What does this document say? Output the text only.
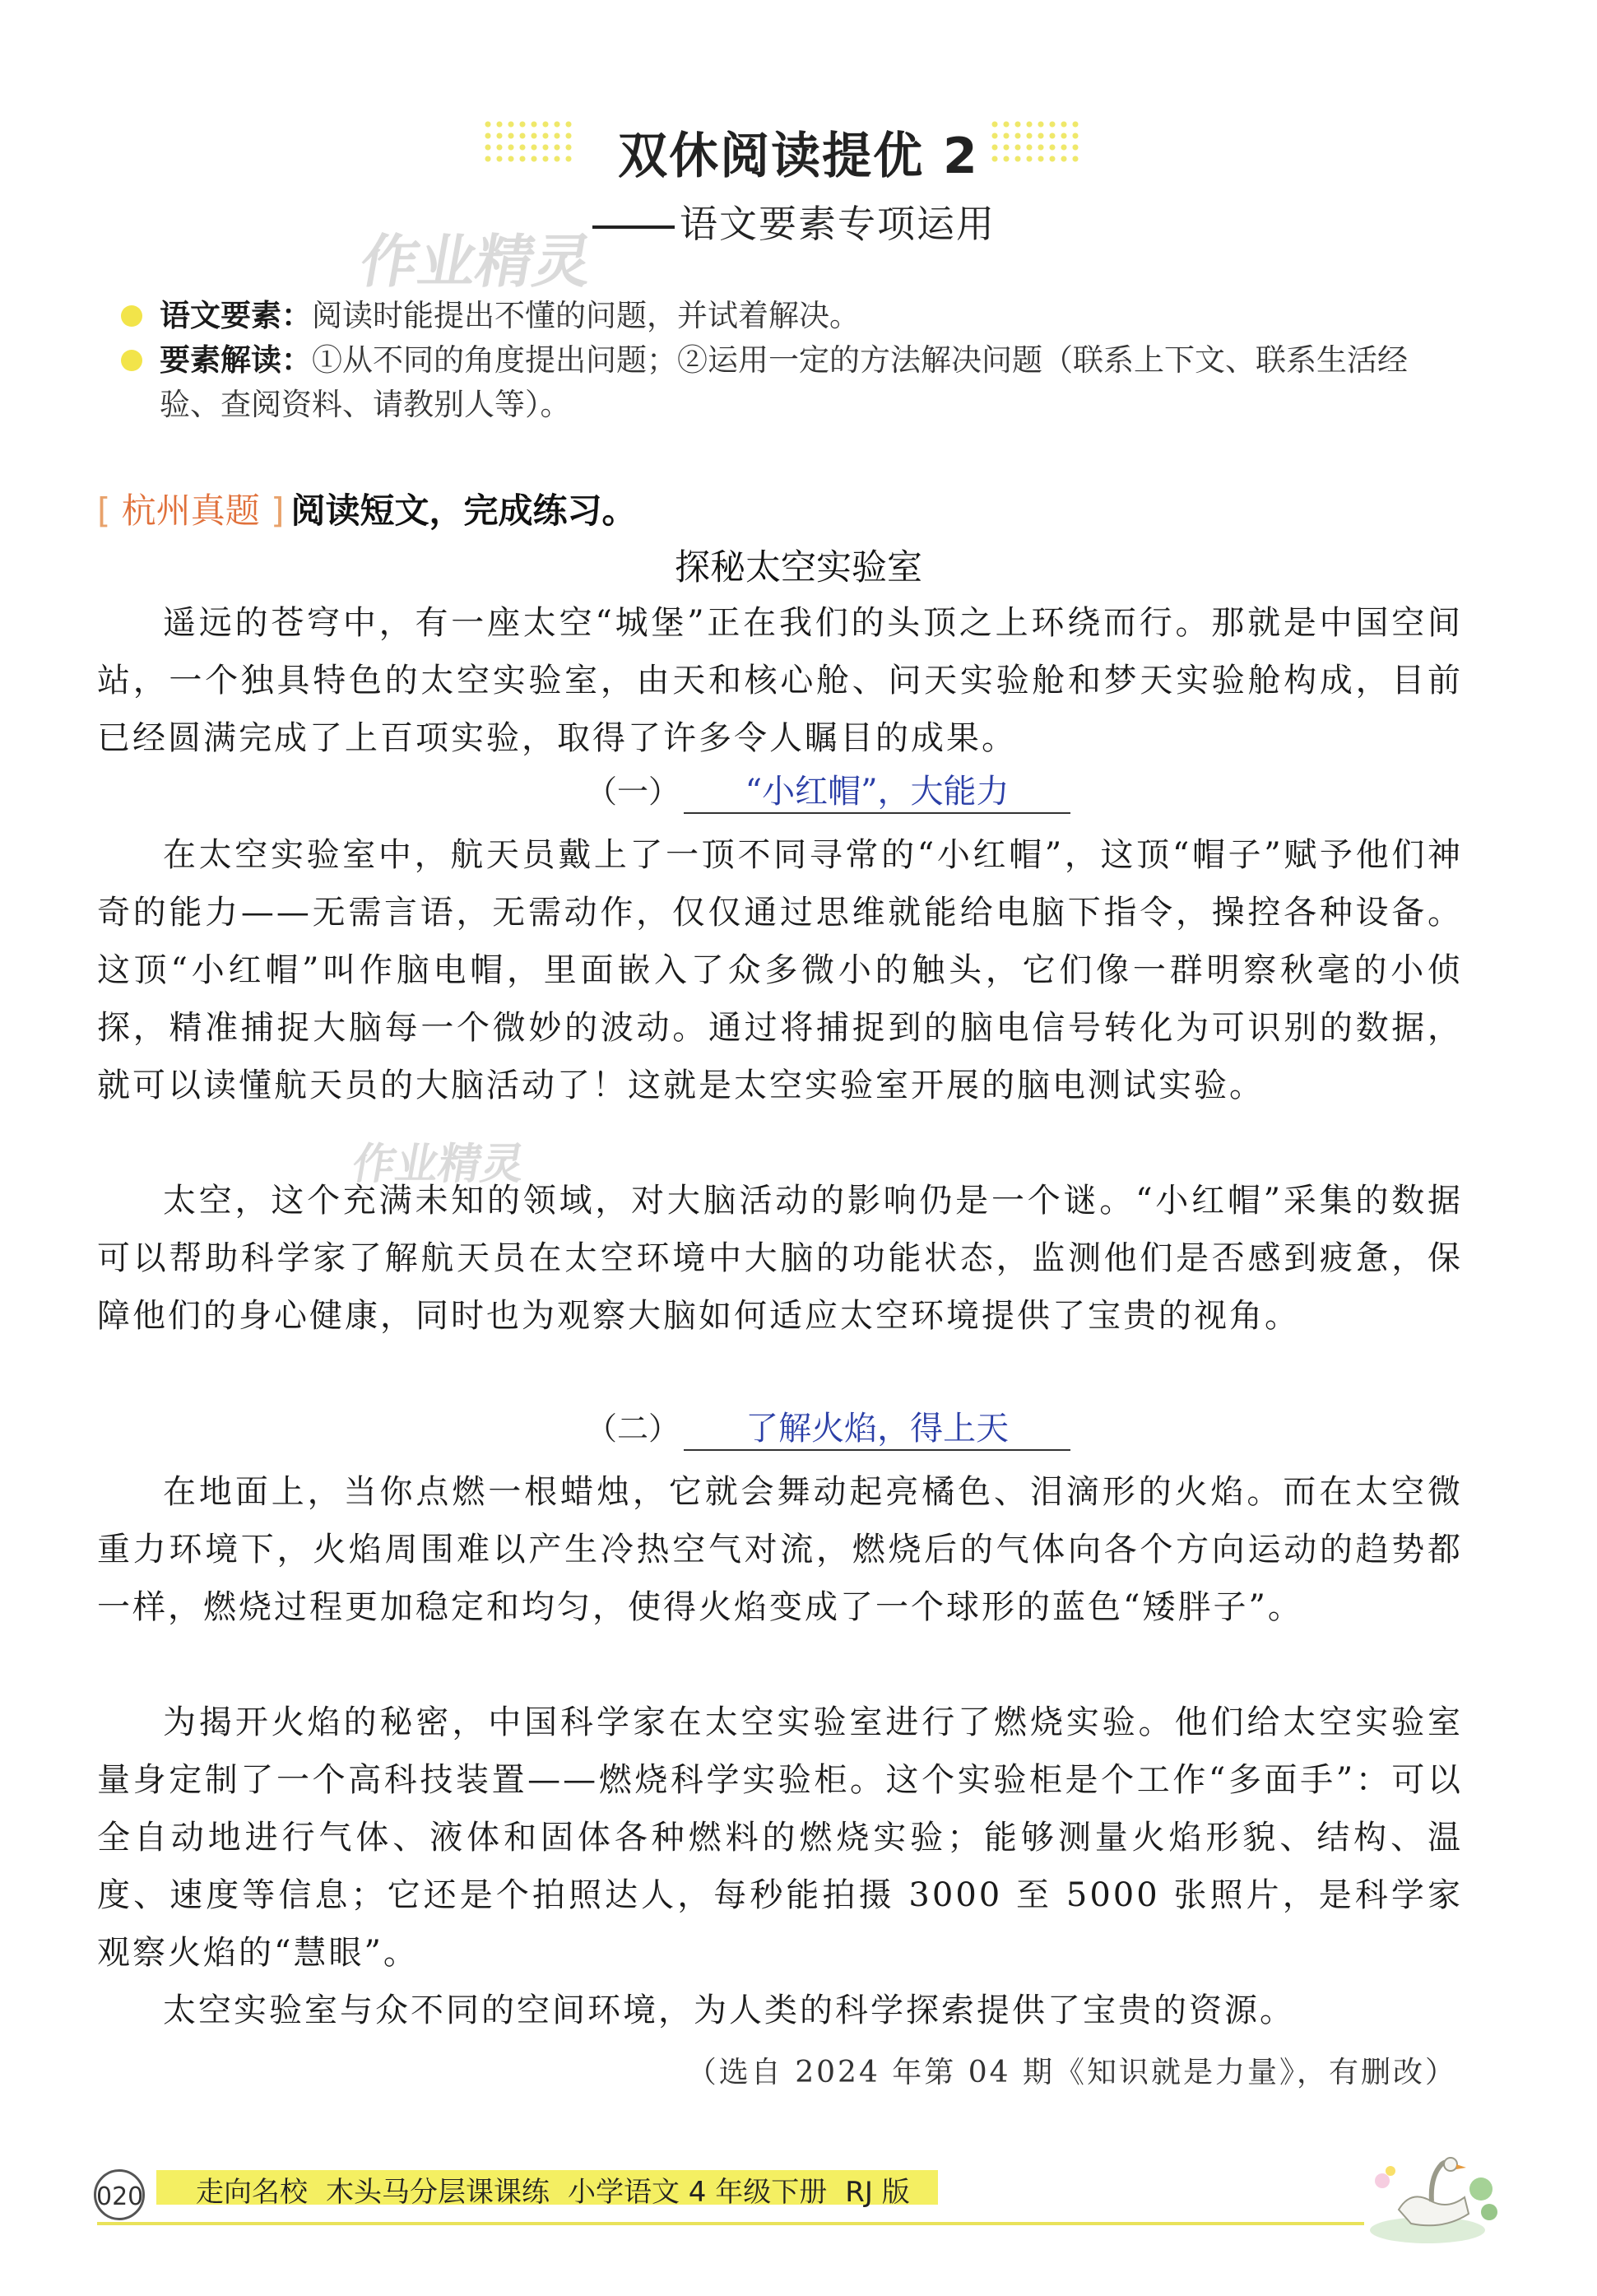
双休阅读提优 2
语文要素专项运用
作业精灵
作业精灵
语文要素：阅读时能提出不懂的问题，并试着解决。
要素解读：①从不同的角度提出问题；②运用一定的方法解决问题（联系上下文、联系生活经验、查阅资料、请教别人等）。
[ 杭州真题 ] 阅读短文，完成练习。
探秘太空实验室
遥远的苍穹中，有一座太空“城堡”正在我们的头顶之上环绕而行。那就是中国空间站，一个独具特色的太空实验室，由天和核心舱、问天实验舱和梦天实验舱构成，目前已经圆满完成了上百项实验，取得了许多令人瞩目的成果。
（一） “小红帽”，大能力
在太空实验室中，航天员戴上了一顶不同寻常的“小红帽”，这顶“帽子”赋予他们神奇的能力——无需言语，无需动作，仅仅通过思维就能给电脑下指令，操控各种设备。这顶“小红帽”叫作脑电帽，里面嵌入了众多微小的触头，它们像一群明察秋毫的小侦探，精准捕捉大脑每一个微妙的波动。通过将捕捉到的脑电信号转化为可识别的数据，就可以读懂航天员的大脑活动了！这就是太空实验室开展的脑电测试实验。
太空，这个充满未知的领域，对大脑活动的影响仍是一个谜。“小红帽”采集的数据可以帮助科学家了解航天员在太空环境中大脑的功能状态，监测他们是否感到疲惫，保障他们的身心健康，同时也为观察大脑如何适应太空环境提供了宝贵的视角。
（二） 了解火焰，得上天
在地面上，当你点燃一根蜡烛，它就会舞动起亮橘色、泪滴形的火焰。而在太空微重力环境下，火焰周围难以产生冷热空气对流，燃烧后的气体向各个方向运动的趋势都一样，燃烧过程更加稳定和均匀，使得火焰变成了一个球形的蓝色“矮胖子”。
为揭开火焰的秘密，中国科学家在太空实验室进行了燃烧实验。他们给太空实验室量身定制了一个高科技装置——燃烧科学实验柜。这个实验柜是个工作“多面手”：可以全自动地进行气体、液体和固体各种燃料的燃烧实验；能够测量火焰形貌、结构、温度、速度等信息；它还是个拍照达人，每秒能拍摄 3000 至 5000 张照片，是科学家观察火焰的“慧眼”。
太空实验室与众不同的空间环境，为人类的科学探索提供了宝贵的资源。
（选自 2024 年第 04 期《知识就是力量》，有删改）
020 走向名校 木头马分层课课练 小学语文 4 年级下册 RJ 版
